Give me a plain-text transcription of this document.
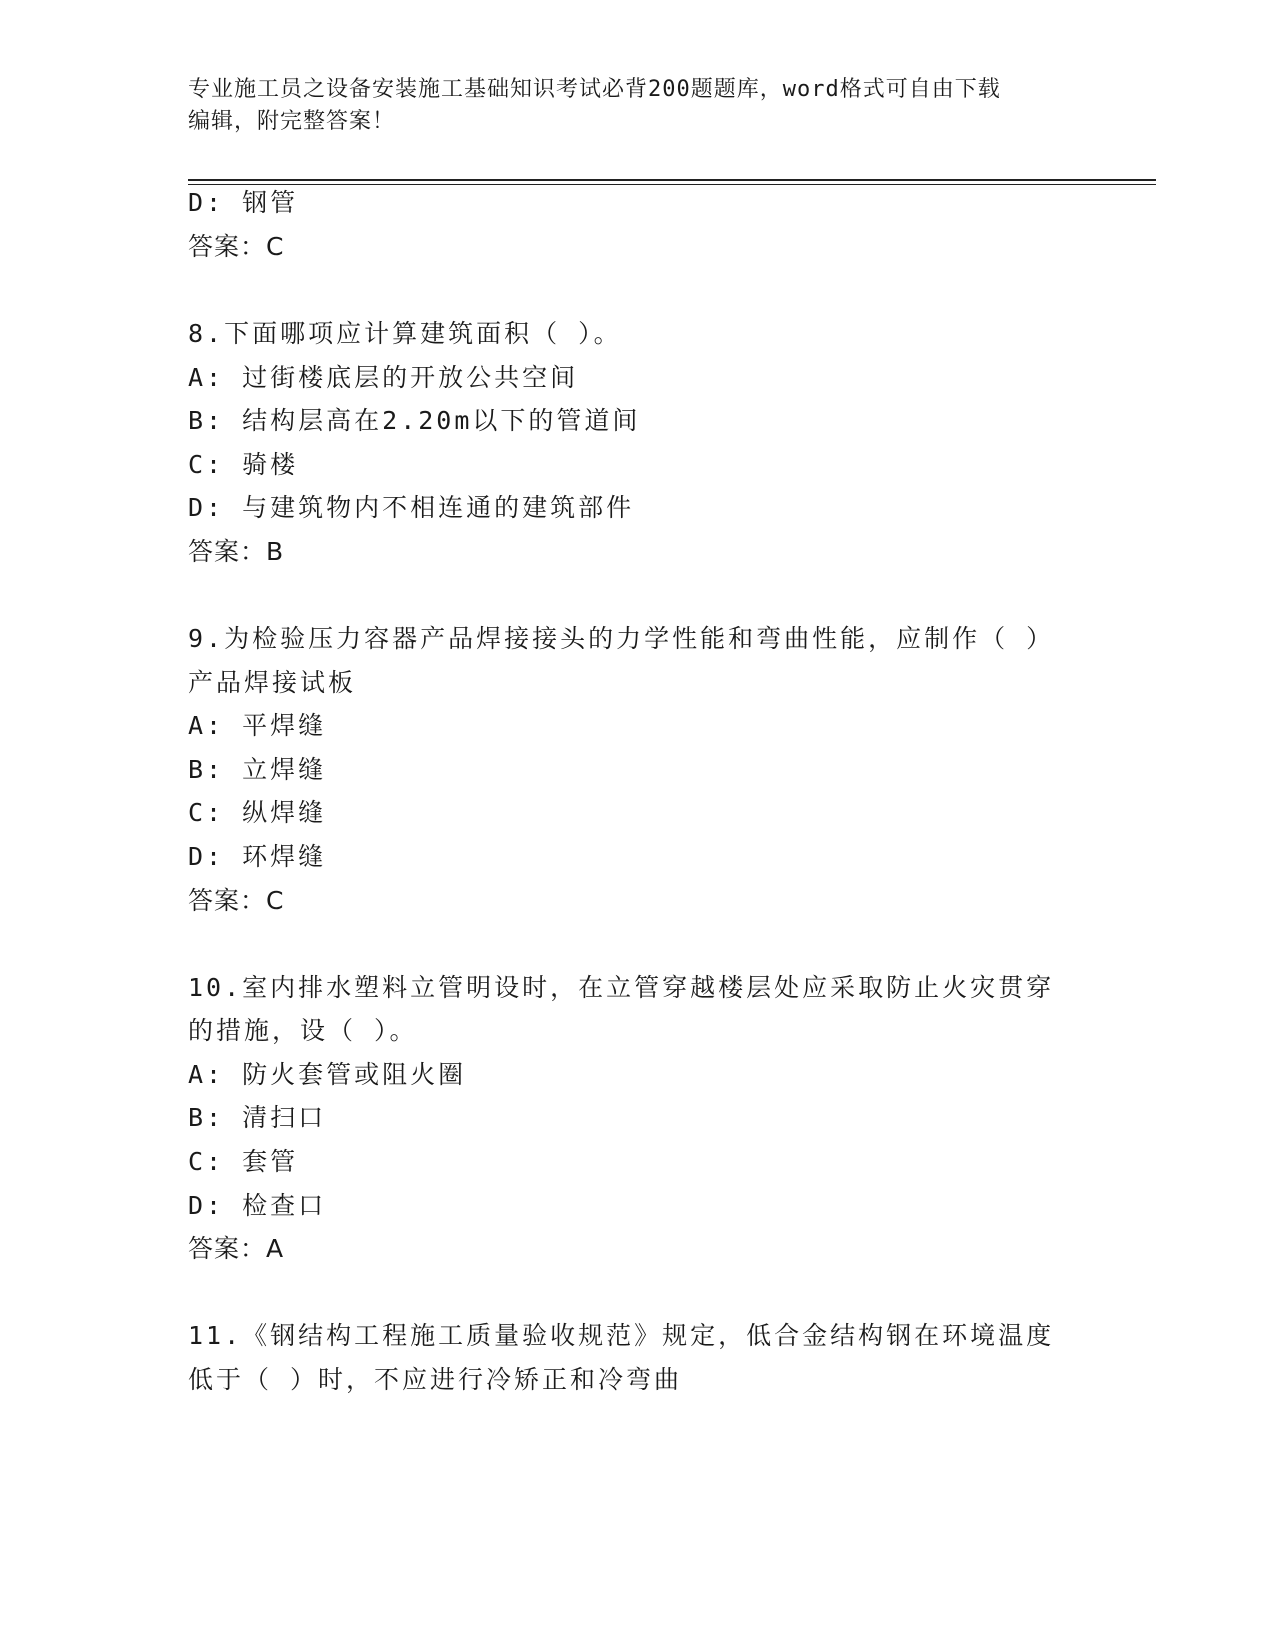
专业施工员之设备安装施工基础知识考试必背200题题库，word格式可自由下载
编辑，附完整答案！
D: 钢管
答案：C
8.下面哪项应计算建筑面积（ ）。
A: 过街楼底层的开放公共空间
B: 结构层高在2.20m以下的管道间
C: 骑楼
D: 与建筑物内不相连通的建筑部件
答案：B
9.为检验压力容器产品焊接接头的力学性能和弯曲性能，应制作（ ）
产品焊接试板
A: 平焊缝
B: 立焊缝
C: 纵焊缝
D: 环焊缝
答案：C
10.室内排水塑料立管明设时，在立管穿越楼层处应采取防止火灾贯穿
的措施，设（ ）。
A: 防火套管或阻火圈
B: 清扫口
C: 套管
D: 检查口
答案：A
11.《钢结构工程施工质量验收规范》规定，低合金结构钢在环境温度
低于（ ）时，不应进行冷矫正和冷弯曲
